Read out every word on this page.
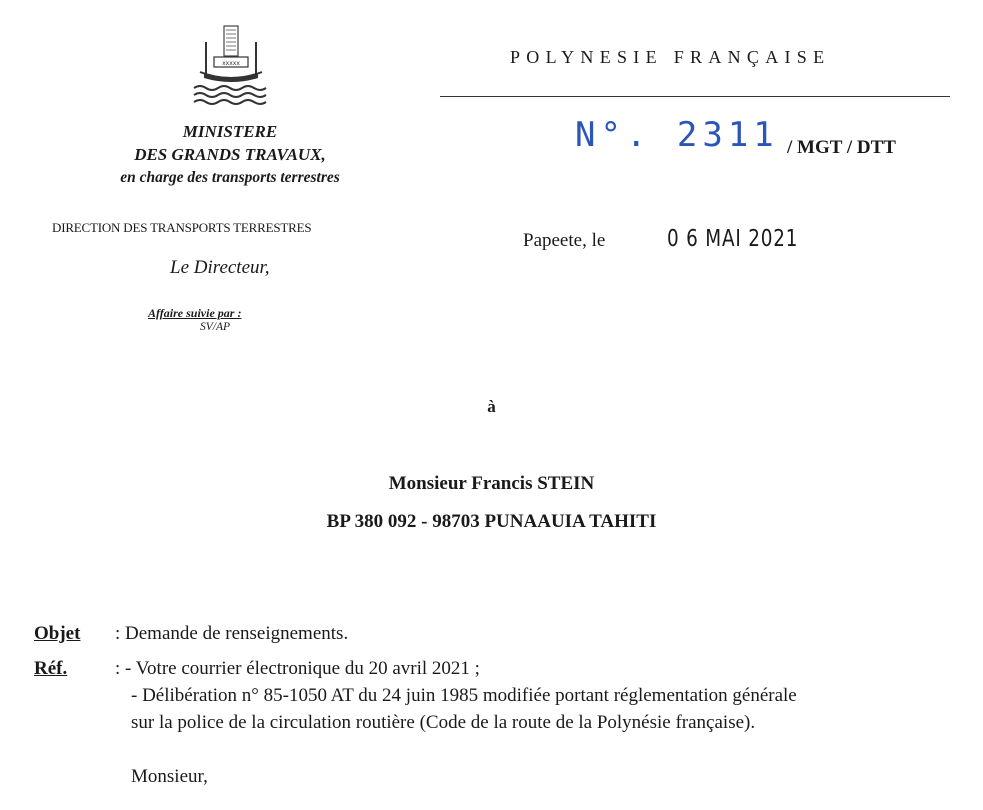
xxxxx
MINISTERE
DES GRANDS TRAVAUX,
en charge des transports terrestres
DIRECTION DES TRANSPORTS TERRESTRES
Le Directeur,
Affaire suivie par :
SV/AP
POLYNESIE FRANÇAISE
N°. 2311 / MGT / DTT
Papeete, le	0 6 MAI 2021
à
Monsieur Francis STEIN
BP 380 092 - 98703 PUNAAUIA TAHITI
Objet : Demande de renseignements.
Réf.	: - Votre courrier électronique du 20 avril 2021 ;
- Délibération n° 85-1050 AT du 24 juin 1985 modifiée portant réglementation générale
sur la police de la circulation routière (Code de la route de la Polynésie française).
Monsieur,
